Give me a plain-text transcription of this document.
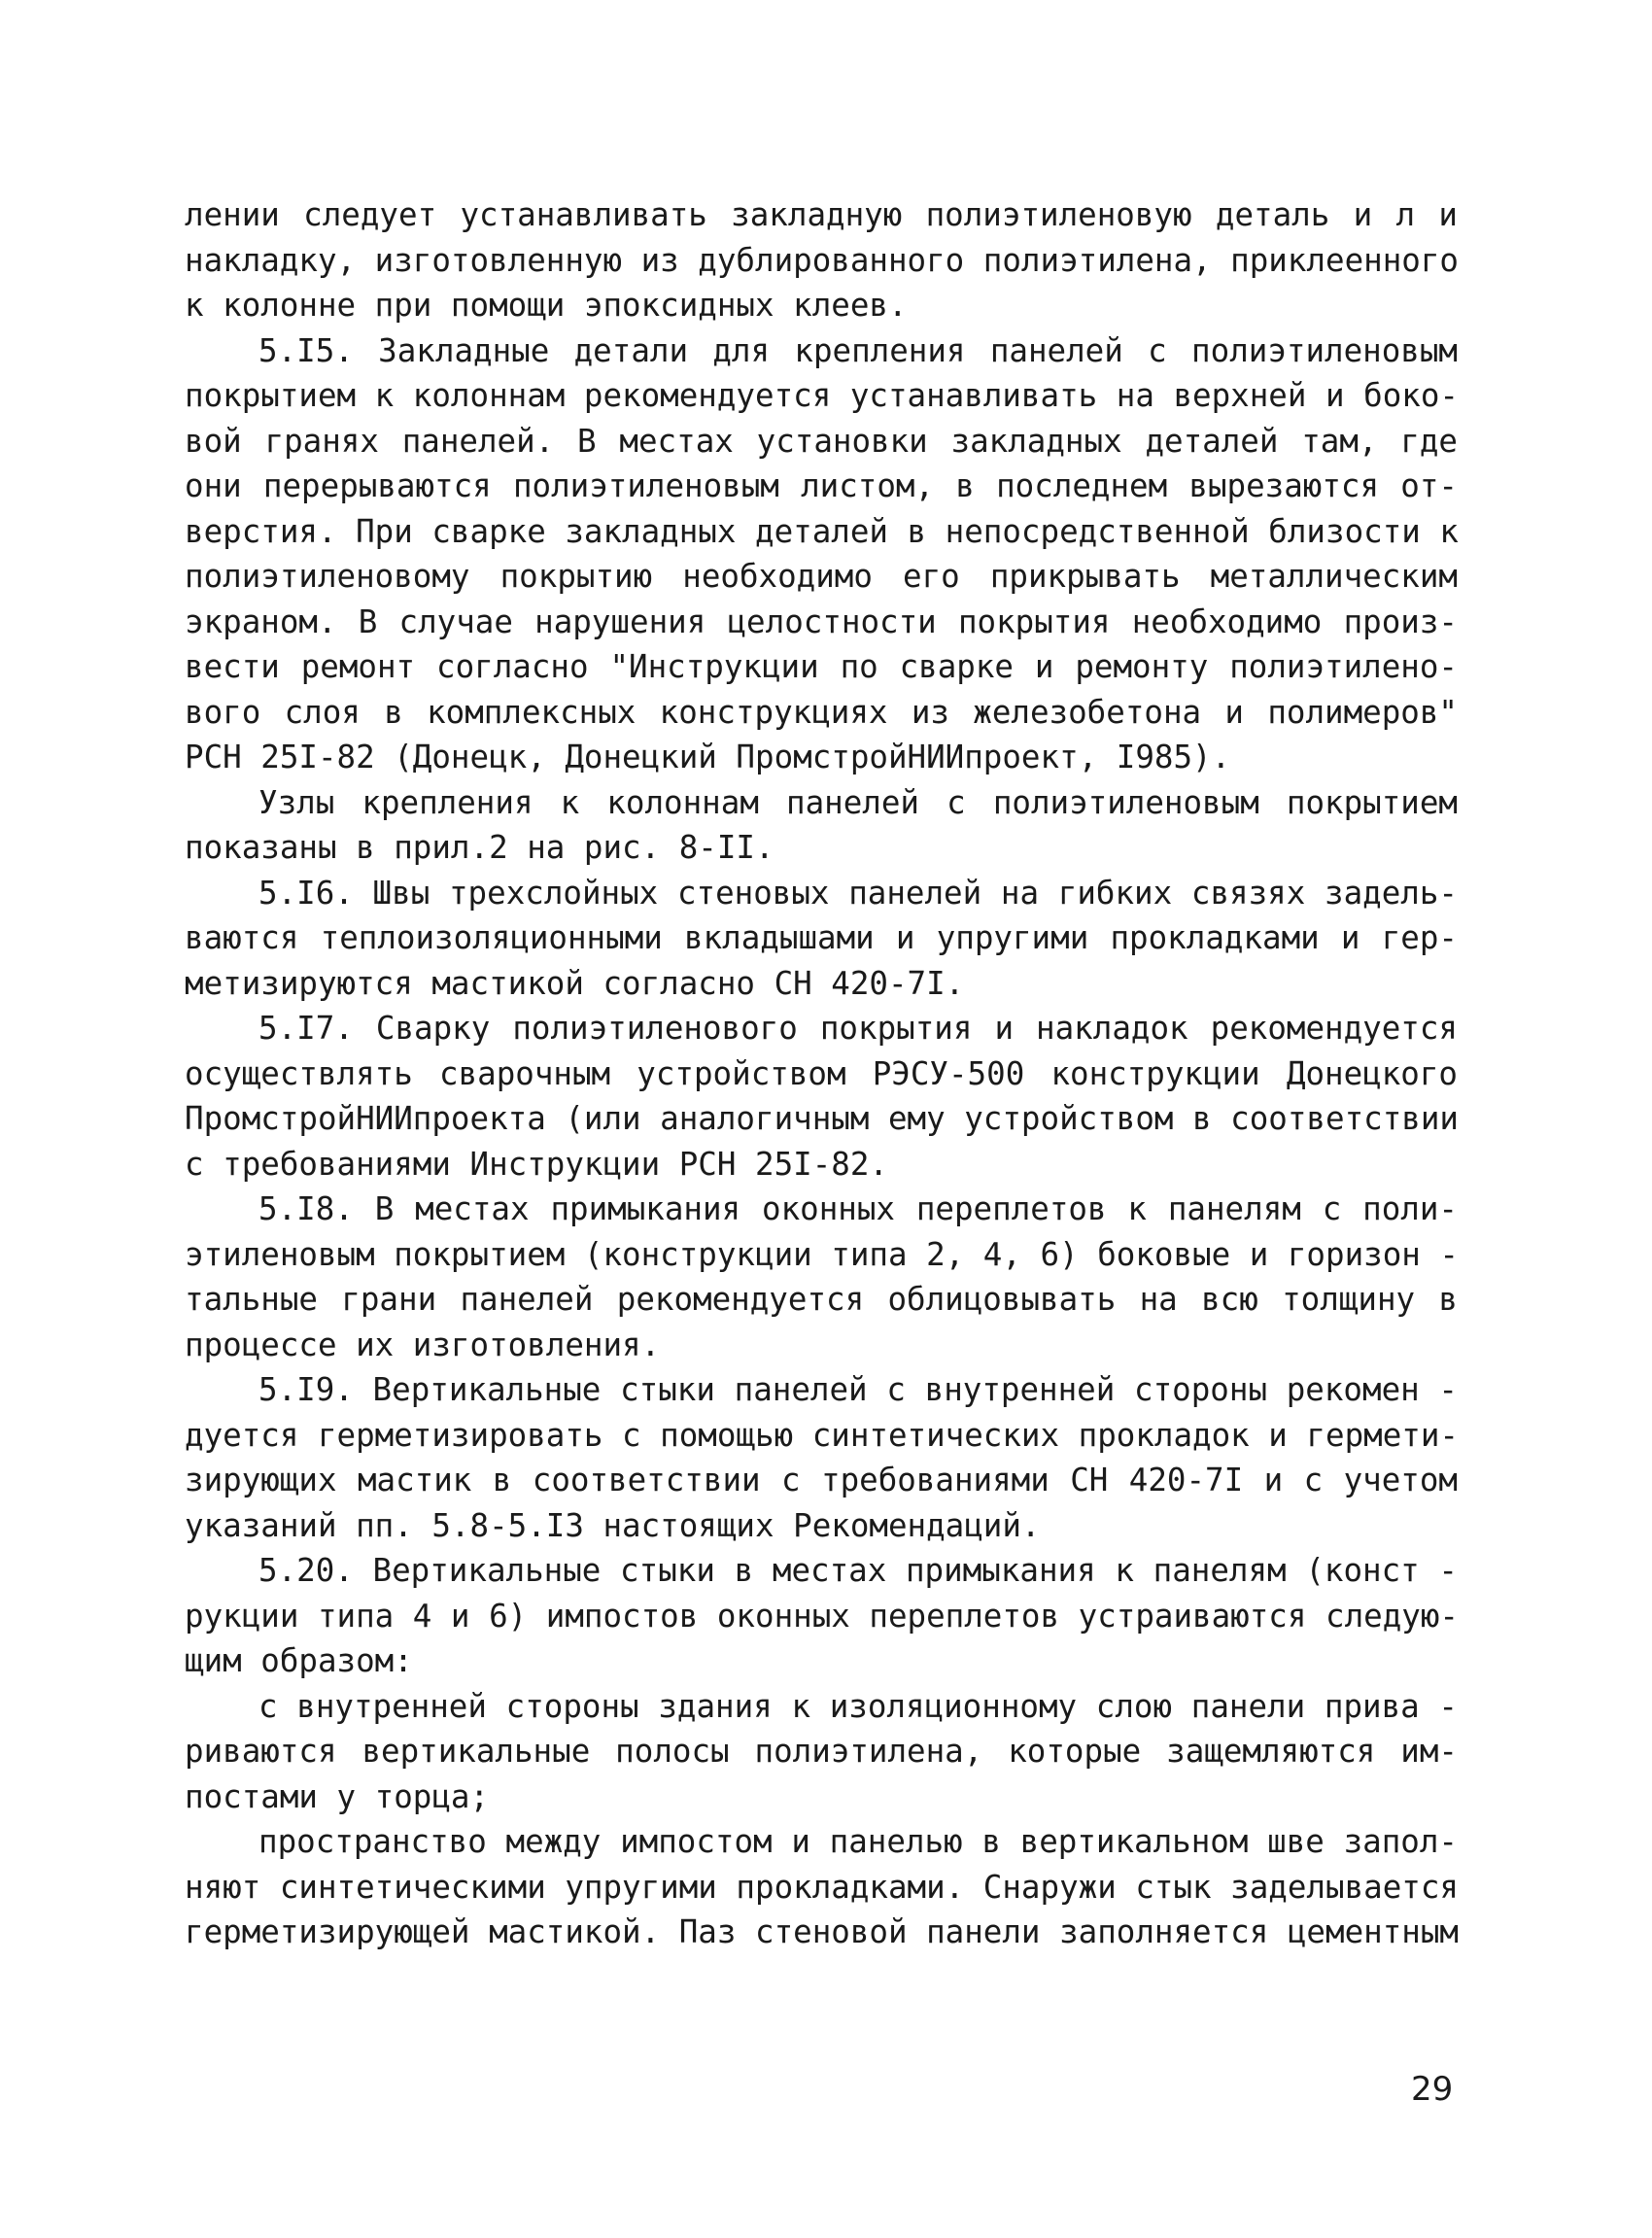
лении следует устанавливать закладную полиэтиленовую деталь и л и
накладку, изготовленную из дублированного полиэтилена, приклеенного
к колонне при помощи эпоксидных клеев.
5.I5. Закладные детали для крепления панелей с полиэтиленовым
покрытием к колоннам рекомендуется устанавливать на верхней и боко-
вой гранях панелей. В местах установки закладных деталей там, где
они перерываются полиэтиленовым листом, в последнем вырезаются от-
верстия. При сварке закладных деталей в непосредственной близости к
полиэтиленовому покрытию необходимо его прикрывать металлическим
экраном. В случае нарушения целостности покрытия необходимо произ-
вести ремонт согласно "Инструкции по сварке и ремонту полиэтилено-
вого слоя в комплексных конструкциях из железобетона и полимеров"
РСН 25I-82 (Донецк, Донецкий ПромстройНИИпроект, I985).
Узлы крепления к колоннам панелей с полиэтиленовым покрытием
показаны в прил.2 на рис. 8-II.
5.I6. Швы трехслойных стеновых панелей на гибких связях задель-
ваются теплоизоляционными вкладышами и упругими прокладками и гер-
метизируются мастикой согласно СН 420-7I.
5.I7. Сварку полиэтиленового покрытия и накладок рекомендуется
осуществлять сварочным устройством РЭСУ-500 конструкции Донецкого
ПромстройНИИпроекта (или аналогичным ему устройством в соответствии
с требованиями Инструкции РСН 25I-82.
5.I8. В местах примыкания оконных переплетов к панелям с поли-
этиленовым покрытием (конструкции типа 2, 4, 6) боковые и горизон -
тальные грани панелей рекомендуется облицовывать на всю толщину в
процессе их изготовления.
5.I9. Вертикальные стыки панелей с внутренней стороны рекомен -
дуется герметизировать с помощью синтетических прокладок и гермети-
зирующих мастик в соответствии с требованиями СН 420-7I и с учетом
указаний пп. 5.8-5.I3 настоящих Рекомендаций.
5.20. Вертикальные стыки в местах примыкания к панелям (конст -
рукции типа 4 и 6) импостов оконных переплетов устраиваются следую-
щим образом:
с внутренней стороны здания к изоляционному слою панели прива -
риваются вертикальные полосы полиэтилена, которые защемляются им-
постами у торца;
пространство между импостом и панелью в вертикальном шве запол-
няют синтетическими упругими прокладками. Снаружи стык заделывается
герметизирующей мастикой. Паз стеновой панели заполняется цементным
29
